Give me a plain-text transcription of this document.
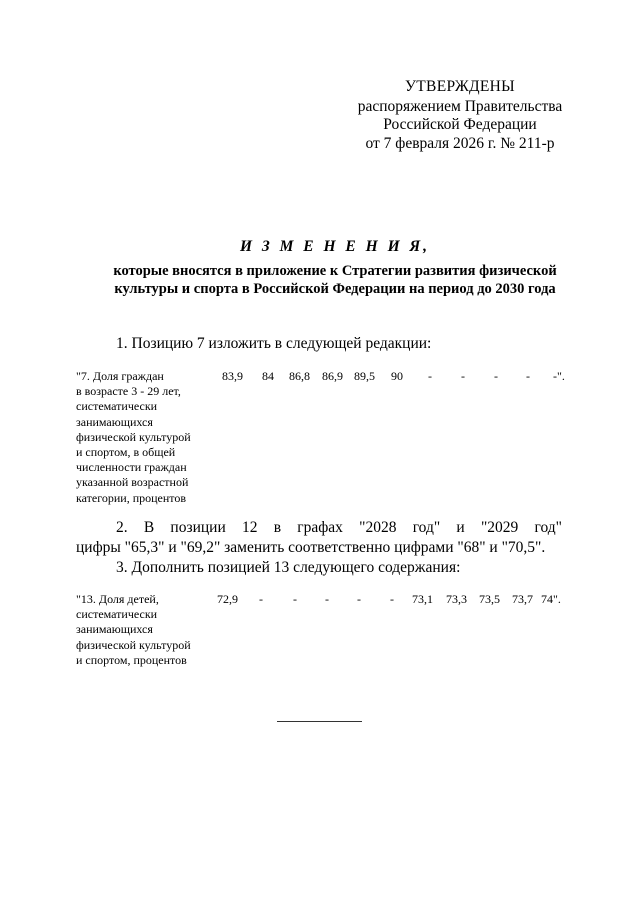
УТВЕРЖДЕНЫ
распоряжением Правительства
Российской Федерации
от 7 февраля 2026 г. № 211-р
И З М Е Н Е Н И Я,
которые вносятся в приложение к Стратегии развития физической
культуры и спорта в Российской Федерации на период до 2030 года
1. Позицию 7 изложить в следующей редакции:
"7. Доля граждан
в возрасте 3 - 29 лет,
систематически
занимающихся
физической культурой
и спортом, в общей
численности граждан
указанной возрастной
категории, процентов
83,9 84 86,8 86,9 89,5 90 - - - - -".
2. В позиции 12 в графах "2028 год" и "2029 год"
цифры "65,3" и "69,2" заменить соответственно цифрами "68" и "70,5".
3. Дополнить позицией 13 следующего содержания:
"13. Доля детей,
систематически
занимающихся
физической культурой
и спортом, процентов
72,9 -	- - - - 73,1 73,3 73,5 73,7 74".
